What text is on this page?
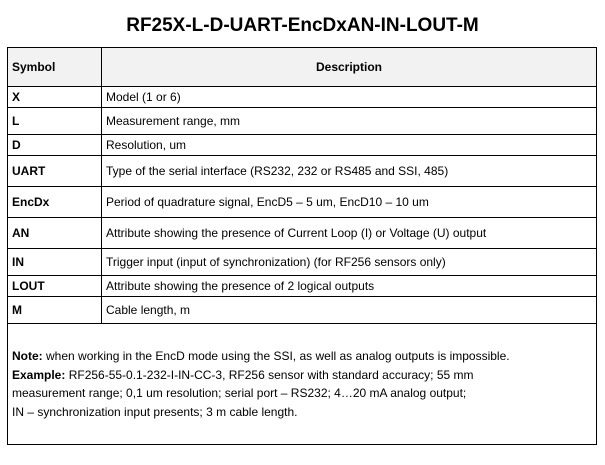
RF25X-L-D-UART-EncDxAN-IN-LOUT-M
Symbol	Description
X	Model (1 or 6)
L	Measurement range, mm
D	Resolution, um
UART	Type of the serial interface (RS232, 232 or RS485 and SSI, 485)
EncDx	Period of quadrature signal, EncD5 – 5 um, EncD10 – 10 um
AN	Attribute showing the presence of Current Loop (I) or Voltage (U) output
IN	Trigger input (input of synchronization) (for RF256 sensors only)
LOUT	Attribute showing the presence of 2 logical outputs
M	Cable length, m

Note: when working in the EncD mode using the SSI, as well as analog outputs is impossible.
Example: RF256-55-0.1-232-I-IN-CC-3, RF256 sensor with standard accuracy; 55 mm
measurement range; 0,1 um resolution; serial port – RS232; 4…20 mA analog output;
IN – synchronization input presents; 3 m cable length.	
